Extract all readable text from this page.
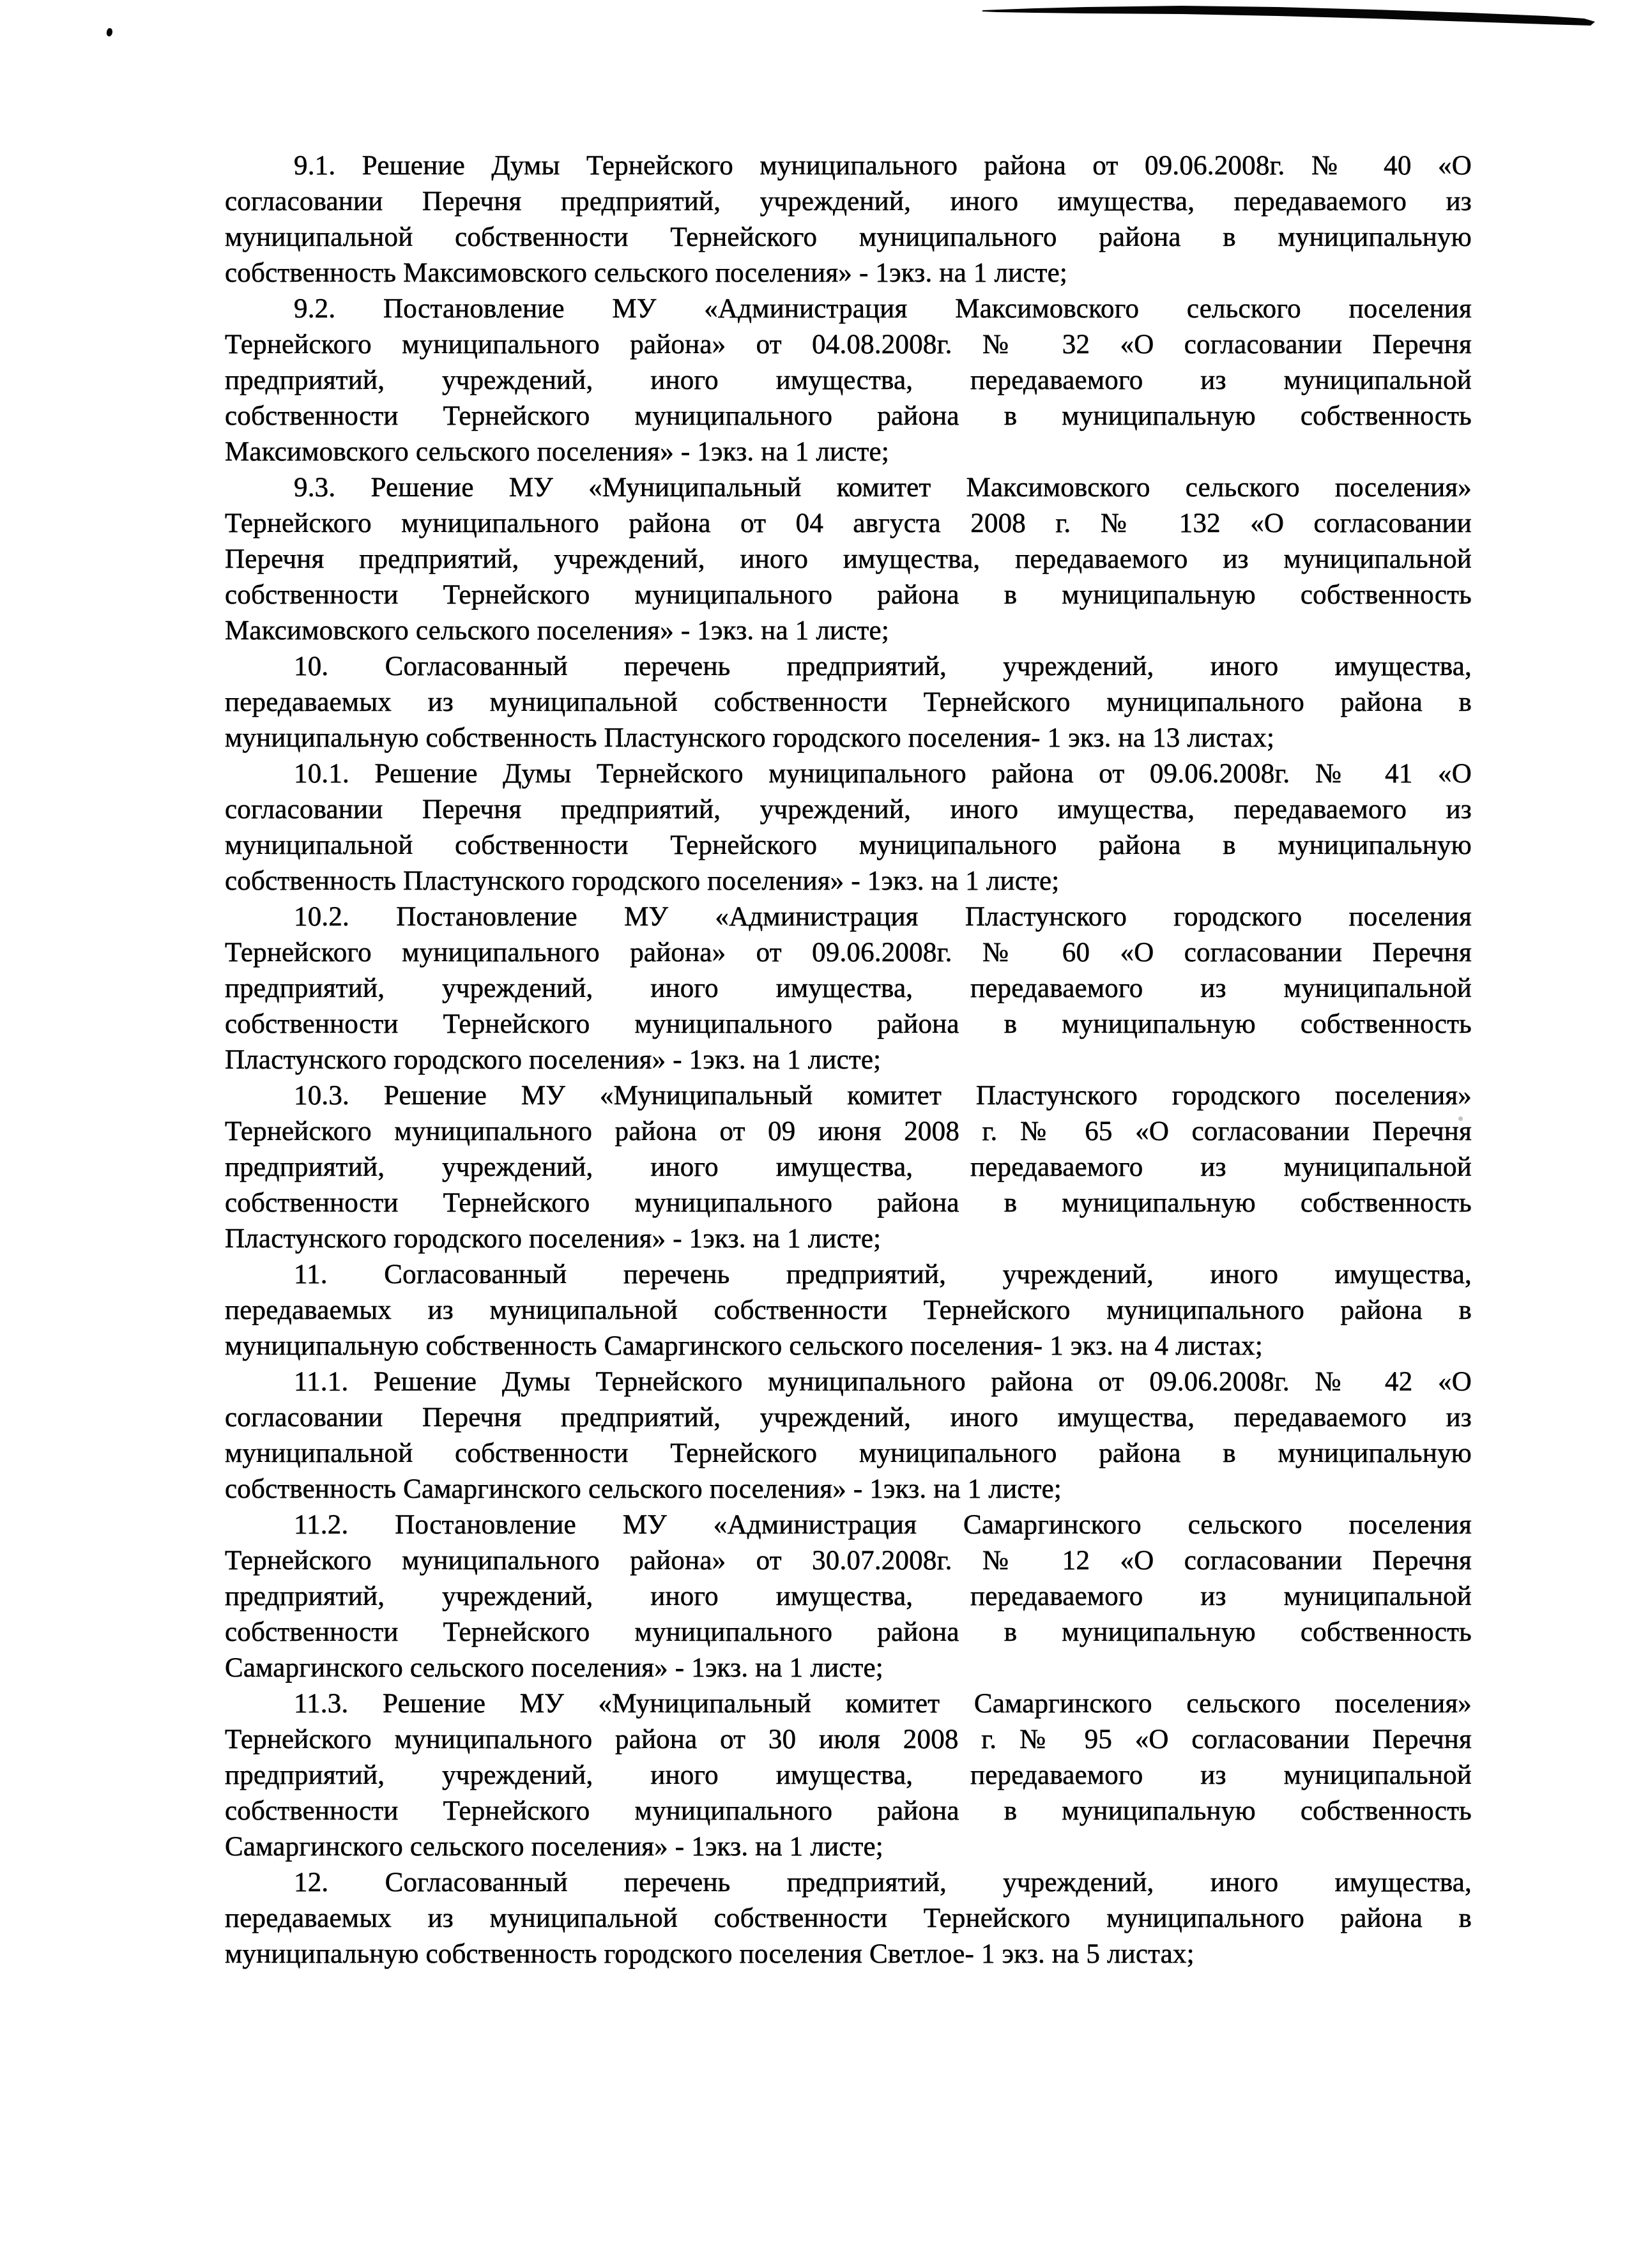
9.1. Решение Думы Тернейского муниципального района от 09.06.2008г. № 40 «О
согласовании Перечня предприятий, учреждений, иного имущества, передаваемого из
муниципальной собственности Тернейского муниципального района в муниципальную
собственность Максимовского сельского поселения» - 1экз. на 1 листе;

9.2. Постановление МУ «Администрация Максимовского сельского поселения
Тернейского муниципального района» от 04.08.2008г. № 32 «О согласовании Перечня
предприятий, учреждений, иного имущества, передаваемого из муниципальной
собственности Тернейского муниципального района в муниципальную собственность
Максимовского сельского поселения» - 1экз. на 1 листе;

9.3. Решение МУ «Муниципальный комитет Максимовского сельского поселения»
Тернейского муниципального района от 04 августа 2008 г. № 132 «О согласовании
Перечня предприятий, учреждений, иного имущества, передаваемого из муниципальной
собственности Тернейского муниципального района в муниципальную собственность
Максимовского сельского поселения» - 1экз. на 1 листе;

10. Согласованный перечень предприятий, учреждений, иного имущества,
передаваемых из муниципальной собственности Тернейского муниципального района в
муниципальную собственность Пластунского городского поселения- 1 экз. на 13 листах;

10.1. Решение Думы Тернейского муниципального района от 09.06.2008г. № 41 «О
согласовании Перечня предприятий, учреждений, иного имущества, передаваемого из
муниципальной собственности Тернейского муниципального района в муниципальную
собственность Пластунского городского поселения» - 1экз. на 1 листе;

10.2. Постановление МУ «Администрация Пластунского городского поселения
Тернейского муниципального района» от 09.06.2008г. № 60 «О согласовании Перечня
предприятий, учреждений, иного имущества, передаваемого из муниципальной
собственности Тернейского муниципального района в муниципальную собственность
Пластунского городского поселения» - 1экз. на 1 листе;

10.3. Решение МУ «Муниципальный комитет Пластунского городского поселения»
Тернейского муниципального района от 09 июня 2008 г. № 65 «О согласовании Перечня
предприятий, учреждений, иного имущества, передаваемого из муниципальной
собственности Тернейского муниципального района в муниципальную собственность
Пластунского городского поселения» - 1экз. на 1 листе;

11. Согласованный перечень предприятий, учреждений, иного имущества,
передаваемых из муниципальной собственности Тернейского муниципального района в
муниципальную собственность Самаргинского сельского поселения- 1 экз. на 4 листах;

11.1. Решение Думы Тернейского муниципального района от 09.06.2008г. № 42 «О
согласовании Перечня предприятий, учреждений, иного имущества, передаваемого из
муниципальной собственности Тернейского муниципального района в муниципальную
собственность Самаргинского сельского поселения» - 1экз. на 1 листе;

11.2. Постановление МУ «Администрация Самаргинского сельского поселения
Тернейского муниципального района» от 30.07.2008г. № 12 «О согласовании Перечня
предприятий, учреждений, иного имущества, передаваемого из муниципальной
собственности Тернейского муниципального района в муниципальную собственность
Самаргинского сельского поселения» - 1экз. на 1 листе;

11.3. Решение МУ «Муниципальный комитет Самаргинского сельского поселения»
Тернейского муниципального района от 30 июля 2008 г. № 95 «О согласовании Перечня
предприятий, учреждений, иного имущества, передаваемого из муниципальной
собственности Тернейского муниципального района в муниципальную собственность
Самаргинского сельского поселения» - 1экз. на 1 листе;

12. Согласованный перечень предприятий, учреждений, иного имущества,
передаваемых из муниципальной собственности Тернейского муниципального района в
муниципальную собственность городского поселения Светлое- 1 экз. на 5 листах;
